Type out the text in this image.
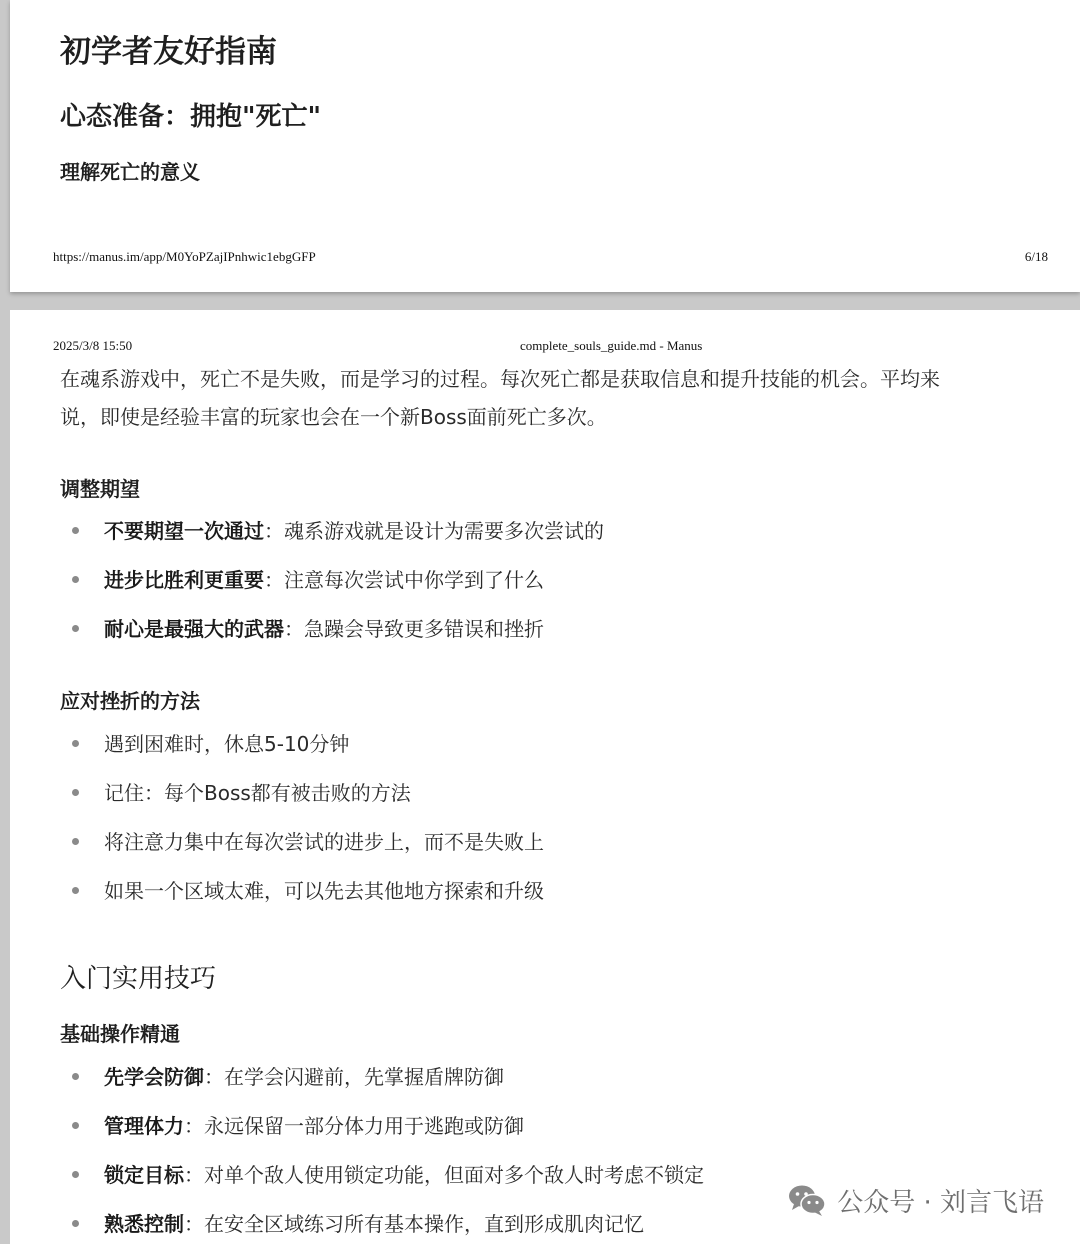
初学者友好指南
心态准备：拥抱"死亡"
理解死亡的意义
https://manus.im/app/M0YoPZajIPnhwic1ebgGFP	6/18
2025/3/8 15:50	complete_souls_guide.md - Manus

在魂系游戏中，死亡不是失败，而是学习的过程。每次死亡都是获取信息和提升技能的机会。平均来
说，即使是经验丰富的玩家也会在一个新Boss面前死亡多次。

调整期望
不要期望一次通过：魂系游戏就是设计为需要多次尝试的
进步比胜利更重要：注意每次尝试中你学到了什么
耐心是最强大的武器：急躁会导致更多错误和挫折
应对挫折的方法
遇到困难时，休息5-10分钟
记住：每个Boss都有被击败的方法
将注意力集中在每次尝试的进步上，而不是失败上
如果一个区域太难，可以先去其他地方探索和升级
入门实用技巧
基础操作精通
先学会防御：在学会闪避前，先掌握盾牌防御
管理体力：永远保留一部分体力用于逃跑或防御
锁定目标：对单个敌人使用锁定功能，但面对多个敌人时考虑不锁定
熟悉控制：在安全区域练习所有基本操作，直到形成肌肉记忆
公众号 · 刘言飞语
